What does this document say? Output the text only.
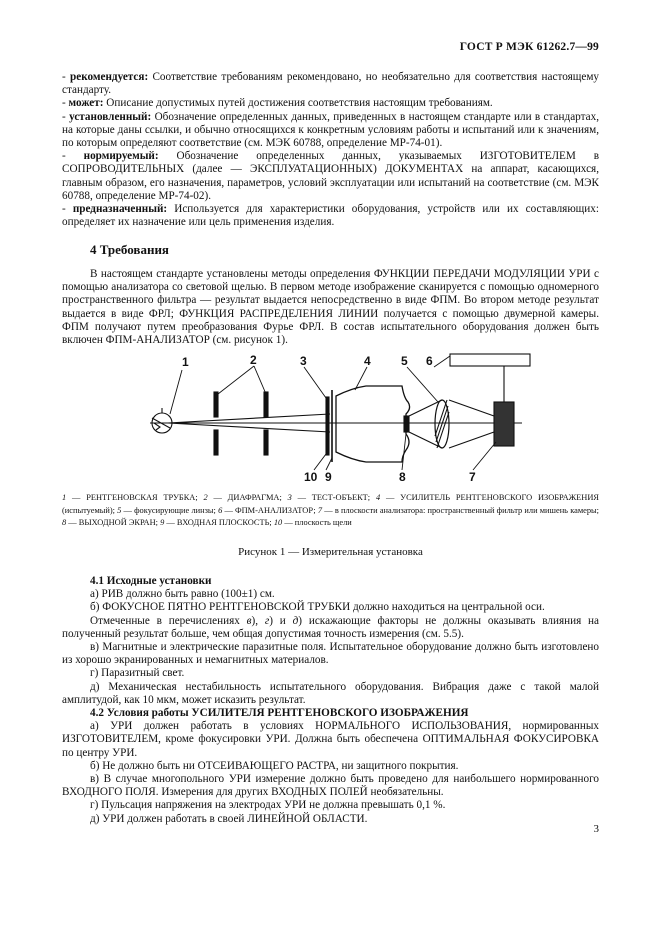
ГОСТ Р МЭК 61262.7—99

- рекомендуется: Соответствие требованиям рекомендовано, но необязательно для соответствия настоящему стандарту.

- может: Описание допустимых путей достижения соответствия настоящим требованиям.

- установленный: Обозначение определенных данных, приведенных в настоящем стандарте или в стандартах, на которые даны ссылки, и обычно относящихся к конкретным условиям работы и испытаний или к значениям, по которым определяют соответствие (см. МЭК 60788, определение МР-74-01).

- нормируемый: Обозначение определенных данных, указываемых ИЗГОТОВИТЕЛЕМ в СОПРОВОДИТЕЛЬНЫХ (далее — ЭКСПЛУАТАЦИОННЫХ) ДОКУМЕНТАХ на аппарат, касающихся, главным образом, его назначения, параметров, условий эксплуатации или испытаний на соответствие (см. МЭК 60788, определение МР-74-02).

- предназначенный: Используется для характеристики оборудования, устройств или их составляющих: определяет их назначение или цель применения изделия.

4 Требования

В настоящем стандарте установлены методы определения ФУНКЦИИ ПЕРЕДАЧИ МОДУЛЯЦИИ УРИ с помощью анализатора со световой щелью. В первом методе изображение сканируется с помощью одномерного пространственного фильтра — результат выдается непосредственно в виде ФПМ. Во втором методе результат выдается в виде ФРЛ; ФУНКЦИЯ РАСПРЕДЕЛЕНИЯ ЛИНИИ получается с помощью двумерной камеры. ФПМ получают путем преобразования Фурье ФРЛ. В состав испытательного оборудования должен быть включен ФПМ-АНАЛИЗАТОР (см. рисунок 1).

1	2	3	4	5 6
10 9	8	7
1 — РЕНТГЕНОВСКАЯ ТРУБКА; 2 — ДИАФРАГМА; 3 — ТЕСТ-ОБЪЕКТ; 4 — УСИЛИТЕЛЬ РЕНТГЕНОВСКОГО ИЗОБРАЖЕНИЯ (испытуемый); 5 — фокусирующие линзы; 6 — ФПМ-АНАЛИЗАТОР; 7 — в плоскости анализатора: пространственный фильтр или мишень камеры; 8 — ВЫХОДНОЙ ЭКРАН; 9 — ВХОДНАЯ ПЛОСКОСТЬ; 10 — плоскость щели
Рисунок 1 — Измерительная установка

4.1 Исходные установки

а) РИВ должно быть равно (100±1) см.

б) ФОКУСНОЕ ПЯТНО РЕНТГЕНОВСКОЙ ТРУБКИ должно находиться на центральной оси.

Отмеченные в перечислениях в), г) и д) искажающие факторы не должны оказывать влияния на полученный результат больше, чем общая допустимая точность измерения (см. 5.5).

в) Магнитные и электрические паразитные поля. Испытательное оборудование должно быть изготовлено из хорошо экранированных и немагнитных материалов.

г) Паразитный свет.

д) Механическая нестабильность испытательного оборудования. Вибрация даже с такой малой амплитудой, как 10 мкм, может исказить результат.

4.2 Условия работы УСИЛИТЕЛЯ РЕНТГЕНОВСКОГО ИЗОБРАЖЕНИЯ

а) УРИ должен работать в условиях НОРМАЛЬНОГО ИСПОЛЬЗОВАНИЯ, нормированных ИЗГОТОВИТЕЛЕМ, кроме фокусировки УРИ. Должна быть обеспечена ОПТИМАЛЬНАЯ ФОКУСИРОВКА по центру УРИ.

б) Не должно быть ни ОТСЕИВАЮЩЕГО РАСТРА, ни защитного покрытия.

в) В случае многопольного УРИ измерение должно быть проведено для наибольшего нормированного ВХОДНОГО ПОЛЯ. Измерения для других ВХОДНЫХ ПОЛЕЙ необязательны.

г) Пульсация напряжения на электродах УРИ не должна превышать 0,1 %.

д) УРИ должен работать в своей ЛИНЕЙНОЙ ОБЛАСТИ.

3
